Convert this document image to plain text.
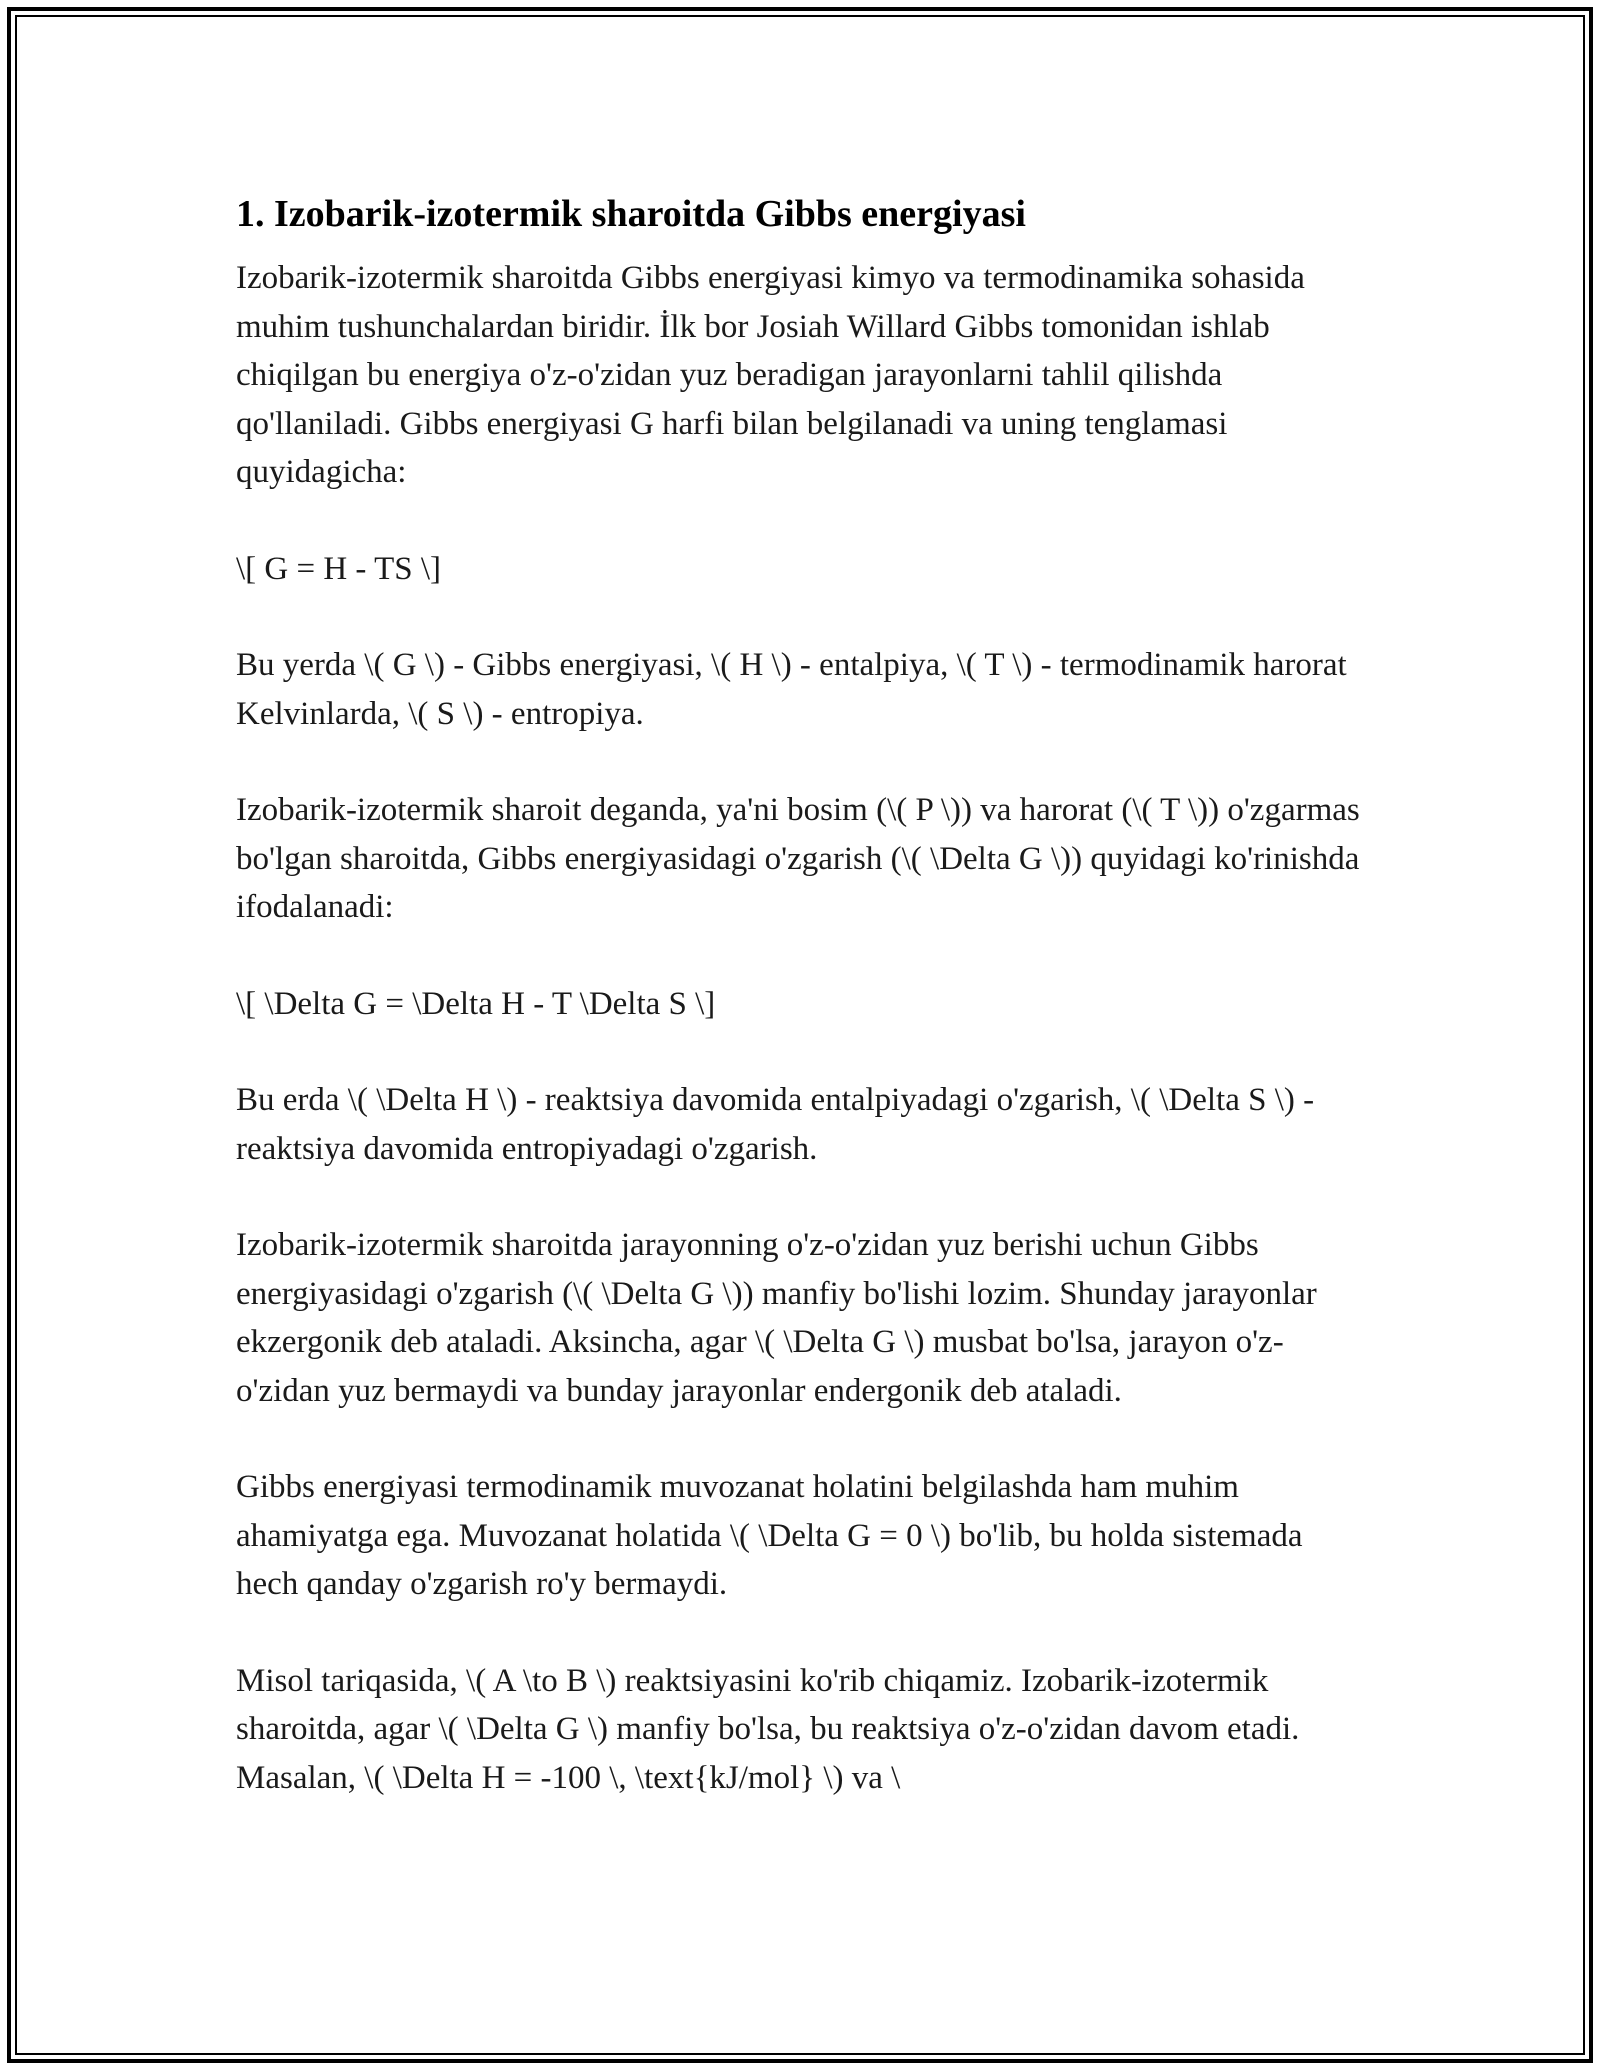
1. Izobarik-izotermik sharoitda Gibbs energiyasi

Izobarik-izotermik sharoitda Gibbs energiyasi kimyo va termodinamika sohasida muhim tushunchalardan biridir. İlk bor Josiah Willard Gibbs tomonidan ishlab chiqilgan bu energiya o'z-o'zidan yuz beradigan jarayonlarni tahlil qilishda qo'llaniladi. Gibbs energiyasi G harfi bilan belgilanadi va uning tenglamasi quyidagicha:

\[ G = H - TS \]

Bu yerda \( G \) - Gibbs energiyasi, \( H \) - entalpiya, \( T \) - termodinamik harorat Kelvinlarda, \( S \) - entropiya.

Izobarik-izotermik sharoit deganda, ya'ni bosim (\( P \)) va harorat (\( T \)) o'zgarmas bo'lgan sharoitda, Gibbs energiyasidagi o'zgarish (\( \Delta G \)) quyidagi ko'rinishda ifodalanadi:

\[ \Delta G = \Delta H - T \Delta S \]

Bu erda \( \Delta H \) - reaktsiya davomida entalpiyadagi o'zgarish, \( \Delta S \) - reaktsiya davomida entropiyadagi o'zgarish.

Izobarik-izotermik sharoitda jarayonning o'z-o'zidan yuz berishi uchun Gibbs energiyasidagi o'zgarish (\( \Delta G \)) manfiy bo'lishi lozim. Shunday jarayonlar ekzergonik deb ataladi. Aksincha, agar \( \Delta G \) musbat bo'lsa, jarayon o'z-o'zidan yuz bermaydi va bunday jarayonlar endergonik deb ataladi.

Gibbs energiyasi termodinamik muvozanat holatini belgilashda ham muhim ahamiyatga ega. Muvozanat holatida \( \Delta G = 0 \) bo'lib, bu holda sistemada hech qanday o'zgarish ro'y bermaydi.

Misol tariqasida, \( A \to B \) reaktsiyasini ko'rib chiqamiz. Izobarik-izotermik sharoitda, agar \( \Delta G \) manfiy bo'lsa, bu reaktsiya o'z-o'zidan davom etadi. Masalan, \( \Delta H = -100 \, \text{kJ/mol} \) va \
